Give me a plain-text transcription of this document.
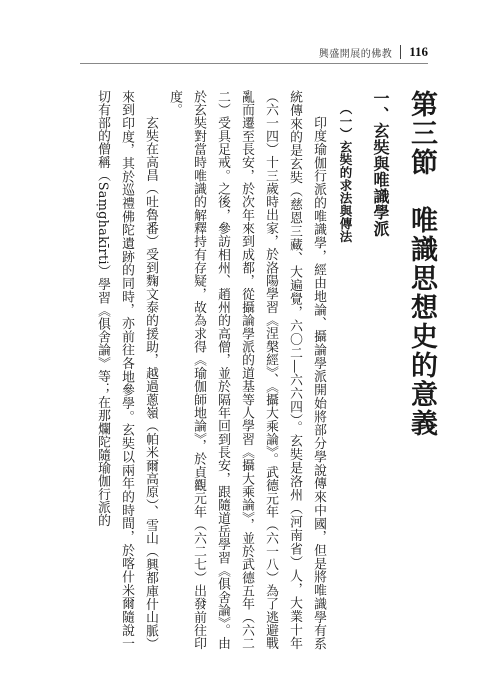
興盛開展的佛教 116
第三節　唯識思想史的意義
一、玄奘與唯識學派
（一）玄奘的求法與傳法

印度瑜伽行派的唯識學，經由地論、攝論學派開始將部分學說傳來中國，但是將唯識學有系統傳來的是玄奘（慈恩三藏、大遍覺，六〇二―六六四）。玄奘是洛州（河南省）人，大業十年（六一四）十三歲時出家，於洛陽學習《涅槃經》、《攝大乘論》。武德元年（六一八）為了逃避戰亂而遷至長安，於次年來到成都，從攝論學派的道基等人學習《攝大乘論》，並於武德五年（六二二）受具足戒。之後，參訪相州、趙州的高僧，並於隔年回到長安，跟隨道岳學習《俱舍論》。由於玄奘對當時唯識的解釋持有存疑，故為求得《瑜伽師地論》，於貞觀元年（六二七）出發前往印度。

玄奘在高昌（吐魯番）受到麴文泰的援助，越過蔥嶺（帕米爾高原）、雪山（興都庫什山脈）來到印度，其於巡禮佛陀遺跡的同時，亦前往各地參學。玄奘以兩年的時間，於喀什米爾隨說一切有部的僧稱（Saṃghakīrti）學習《俱舍論》等；在那爛陀隨瑜伽行派的
